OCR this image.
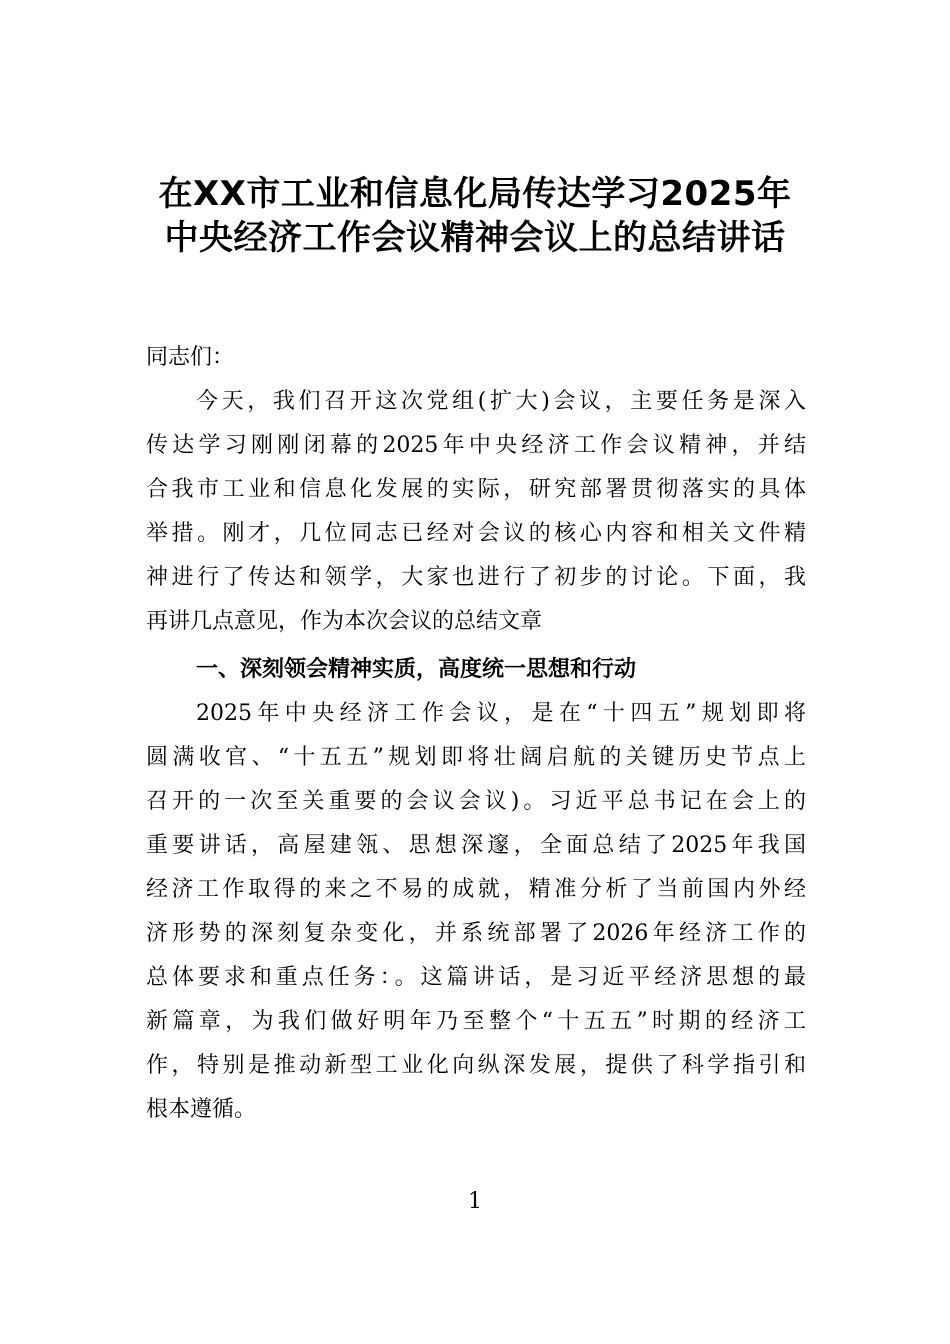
在XX市工业和信息化局传达学习2025年
中央经济工作会议精神会议上的总结讲话
同志们：
今天，我们召开这次党组(扩大)会议，主要任务是深入
传达学习刚刚闭幕的2025年中央经济工作会议精神，并结
合我市工业和信息化发展的实际，研究部署贯彻落实的具体
举措。刚才，几位同志已经对会议的核心内容和相关文件精
神进行了传达和领学，大家也进行了初步的讨论。下面，我
再讲几点意见，作为本次会议的总结文章
一、深刻领会精神实质，高度统一思想和行动
2025年中央经济工作会议，是在“十四五”规划即将
圆满收官、“十五五”规划即将壮阔启航的关键历史节点上
召开的一次至关重要的会议会议)。习近平总书记在会上的
重要讲话，高屋建瓴、思想深邃，全面总结了2025年我国
经济工作取得的来之不易的成就，精准分析了当前国内外经
济形势的深刻复杂变化，并系统部署了2026年经济工作的
总体要求和重点任务：。这篇讲话，是习近平经济思想的最
新篇章，为我们做好明年乃至整个“十五五”时期的经济工
作，特别是推动新型工业化向纵深发展，提供了科学指引和
根本遵循。
1
